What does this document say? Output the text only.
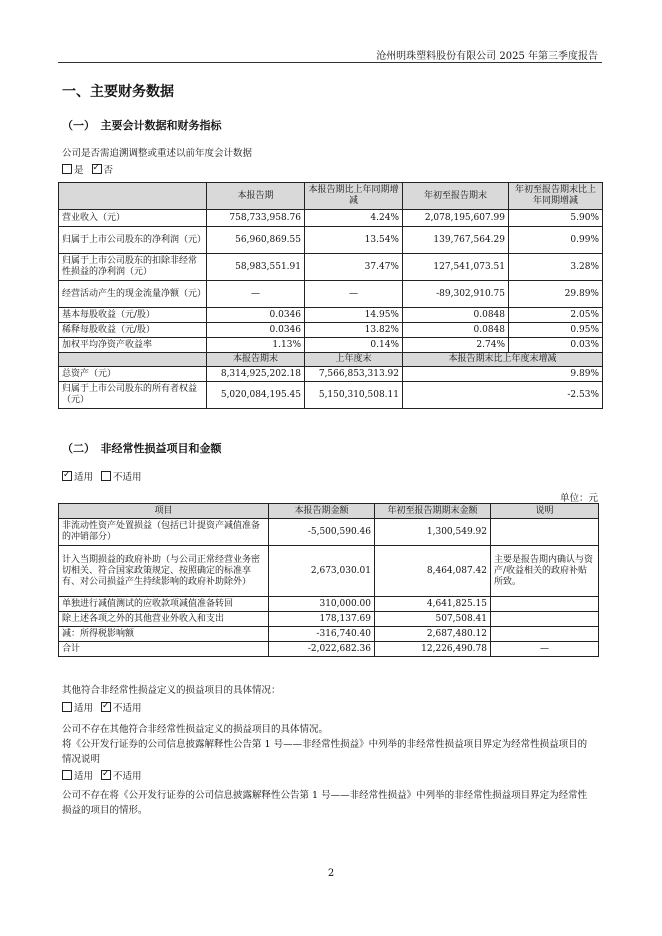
沧州明珠塑料股份有限公司 2025 年第三季度报告
一、主要财务数据
（一）　主要会计数据和财务指标
公司是否需追溯调整或重述以前年度会计数据
是 ✓ 否
	本报告期	本报告期比上年同期增减	年初至报告期末	年初至报告期末比上年同期增减
营业收入（元）	758,733,958.76	4.24%	2,078,195,607.99	5.90%
归属于上市公司股东的净利润（元）	56,960,869.55	13.54%	139,767,564.29	0.99%
归属于上市公司股东的扣除非经常性损益的净利润（元）	58,983,551.91	37.47%	127,541,073.51	3.28%
经营活动产生的现金流量净额（元）	—	—	-89,302,910.75	29.89%
基本每股收益（元/股）	0.0346	14.95%	0.0848	2.05%
稀释每股收益（元/股）	0.0346	13.82%	0.0848	0.95%
加权平均净资产收益率	1.13%	0.14%	2.74%	0.03%
	本报告期末	上年度末	本报告期末比上年度末增减	
总资产（元）	8,314,925,202.18	7,566,853,313.92	9.89%	
归属于上市公司股东的所有者权益（元）	5,020,084,195.45	5,150,310,508.11	-2.53%	
（二）　非经常性损益项目和金额
✓适用 不适用
单位：元
项目	本报告期金额	年初至报告期期末金额	说明
非流动性资产处置损益（包括已计提资产减值准备的冲销部分）	-5,500,590.46	1,300,549.92	
计入当期损益的政府补助（与公司正常经营业务密切相关、符合国家政策规定、按照确定的标准享有、对公司损益产生持续影响的政府补助除外）	2,673,030.01	8,464,087.42	主要是报告期内确认与资产/收益相关的政府补贴所致。
单独进行减值测试的应收款项减值准备转回	310,000.00	4,641,825.15	
除上述各项之外的其他营业外收入和支出	178,137.69	507,508.41	
减：所得税影响额	-316,740.40	2,687,480.12	
合计	-2,022,682.36	12,226,490.78	—
其他符合非经常性损益定义的损益项目的具体情况：
适用 ✓ 不适用
公司不存在其他符合非经常性损益定义的损益项目的具体情况。
将《公开发行证券的公司信息披露解释性公告第 1 号——非经常性损益》中列举的非经常性损益项目界定为经常性损益项目的情况说明
适用 ✓ 不适用
公司不存在将《公开发行证券的公司信息披露解释性公告第 1 号——非经常性损益》中列举的非经常性损益项目界定为经常性损益的项目的情形。
2
